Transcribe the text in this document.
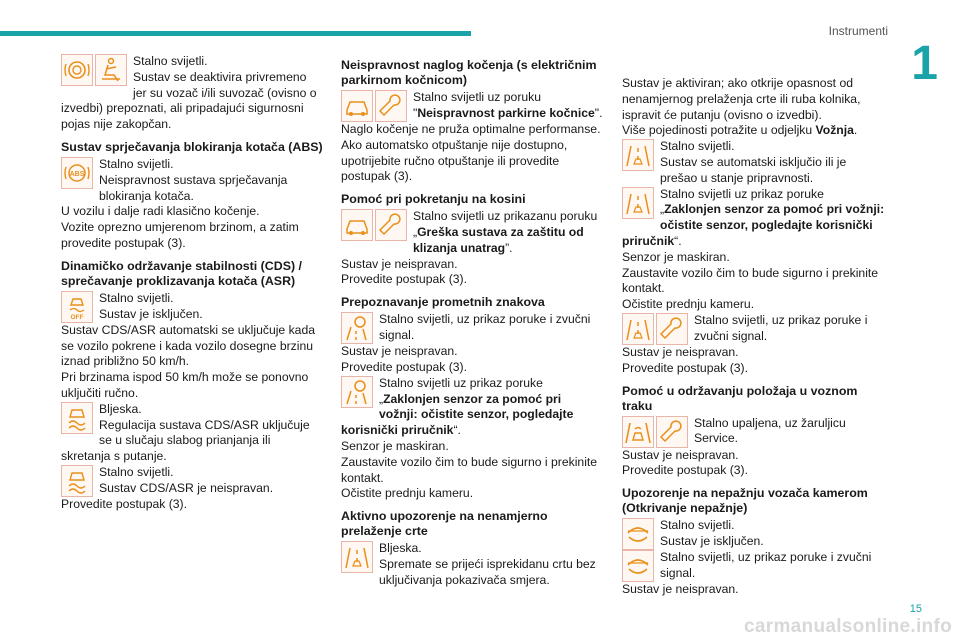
Instrumenti
1
15
carmanualsonline.info

Stalno svijetli.

Sustav se deaktivira privremeno jer su vozač i/ili suvozač (ovisno o izvedbi) prepoznati, ali pripadajući sigurnosni pojas nije zakopčan.

Sustav sprječavanja blokiranja kotača (ABS)

Stalno svijetli.

Neispravnost sustava sprječavanja blokiranja kotača.

U vozilu i dalje radi klasično kočenje.

Vozite oprezno umjerenom brzinom, a zatim provedite postupak (3).

Dinamičko održavanje stabilnosti (CDS) / sprečavanje proklizavanja kotača (ASR)

Stalno svijetli.

Sustav je isključen.

Sustav CDS/ASR automatski se uključuje kada se vozilo pokrene i kada vozilo dosegne brzinu iznad približno 50 km/h.

Pri brzinama ispod 50 km/h može se ponovno uključiti ručno.

Bljeska.

Regulacija sustava CDS/ASR uključuje se u slučaju slabog prianjanja ili skretanja s putanje.

Stalno svijetli.

Sustav CDS/ASR je neispravan.

Provedite postupak (3).

Neispravnost naglog kočenja (s električnim parkirnom kočnicom)

Stalno svijetli uz poruku
"Neispravnost parkirne kočnice".

Naglo kočenje ne pruža optimalne performanse.

Ako automatsko otpuštanje nije dostupno, upotrijebite ručno otpuštanje ili provedite postupak (3).

Pomoć pri pokretanju na kosini

Stalno svijetli uz prikazanu poruku „Greška sustava za zaštitu od klizanja unatrag”.

Sustav je neispravan.

Provedite postupak (3).

Prepoznavanje prometnih znakova

Stalno svijetli, uz prikaz poruke i zvučni signal.

Sustav je neispravan.

Provedite postupak (3).

Stalno svijetli uz prikaz poruke „Zaklonjen senzor za pomoć pri vožnji: očistite senzor, pogledajte korisnički priručnik“.

Senzor je maskiran.

Zaustavite vozilo čim to bude sigurno i prekinite kontakt.

Očistite prednju kameru.

Aktivno upozorenje na nenamjerno prelaženje crte

Bljeska.

Spremate se prijeći isprekidanu crtu bez uključivanja pokazivača smjera.

Sustav je aktiviran; ako otkrije opasnost od nenamjernog prelaženja crte ili ruba kolnika, ispravit će putanju (ovisno o izvedbi).

Više pojedinosti potražite u odjeljku Vožnja.

Stalno svijetli.

Sustav se automatski isključio ili je prešao u stanje pripravnosti.

Stalno svijetli uz prikaz poruke „Zaklonjen senzor za pomoć pri vožnji: očistite senzor, pogledajte korisnički priručnik“.

Senzor je maskiran.

Zaustavite vozilo čim to bude sigurno i prekinite kontakt.

Očistite prednju kameru.

Stalno svijetli, uz prikaz poruke i zvučni signal.

Sustav je neispravan.

Provedite postupak (3).

Pomoć u održavanju položaja u voznom traku

Stalno upaljena, uz žaruljicu Service.

Sustav je neispravan.

Provedite postupak (3).

Upozorenje na nepažnju vozača kamerom (Otkrivanje nepažnje)

Stalno svijetli.

Sustav je isključen.

Stalno svijetli, uz prikaz poruke i zvučni signal.

Sustav je neispravan.
